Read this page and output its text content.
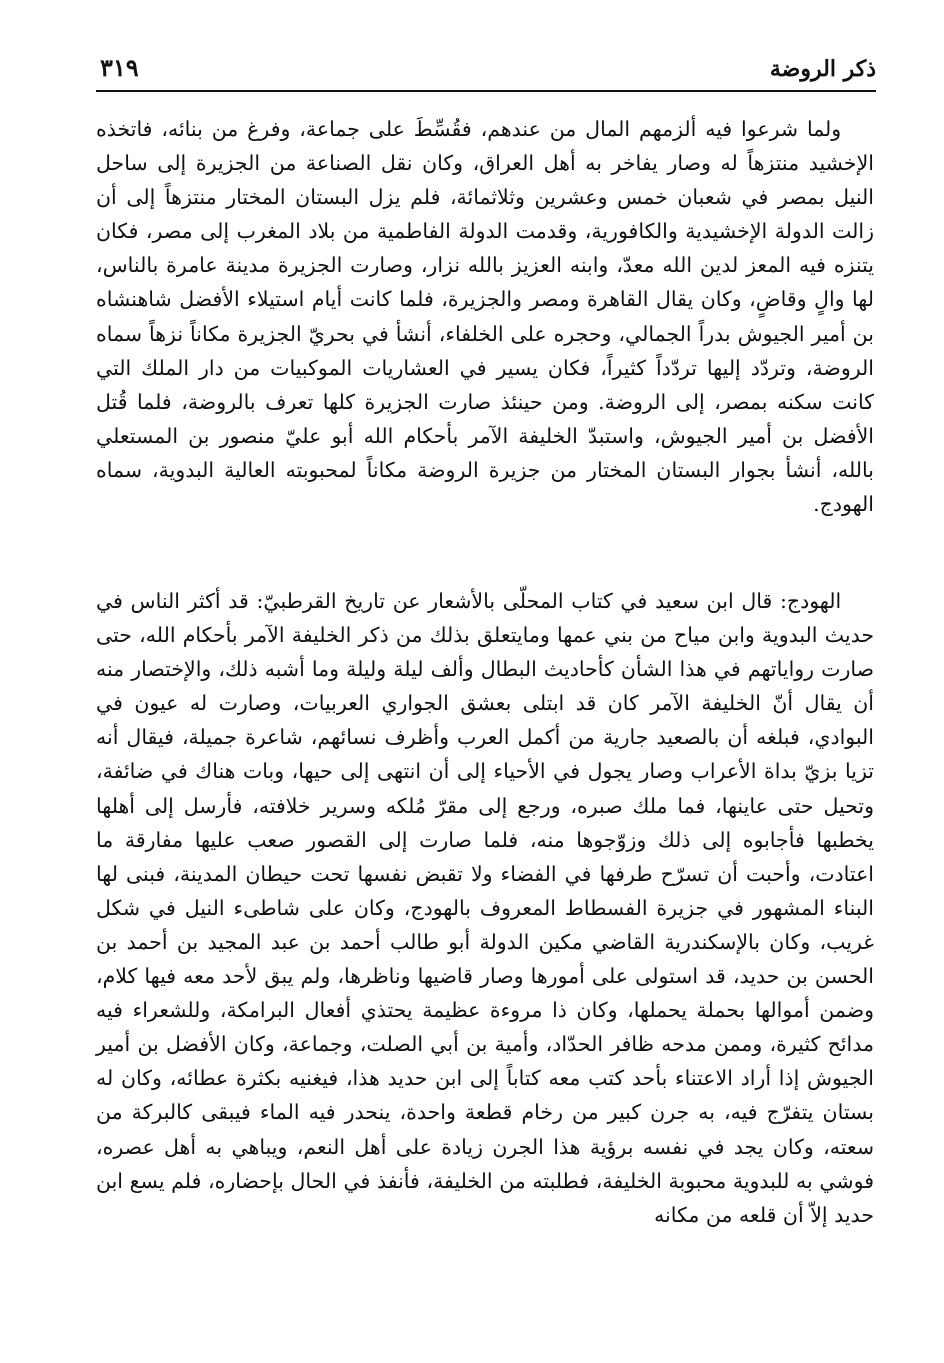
ذكر الروضة
٣١٩

ولما شرعوا فيه ألزمهم المال من عندهم، فقُسِّطَ على جماعة، وفرغ من بنائه، فاتخذه الإخشيد منتزهاً له وصار يفاخر به أهل العراق، وكان نقل الصناعة من الجزيرة إلى ساحل النيل بمصر في شعبان خمس وعشرين وثلاثمائة، فلم يزل البستان المختار منتزهاً إلى أن زالت الدولة الإخشيدية والكافورية، وقدمت الدولة الفاطمية من بلاد المغرب إلى مصر، فكان يتنزه فيه المعز لدين الله معدّ، وابنه العزيز بالله نزار، وصارت الجزيرة مدينة عامرة بالناس، لها والٍ وقاضٍ، وكان يقال القاهرة ومصر والجزيرة، فلما كانت أيام استيلاء الأفضل شاهنشاه بن أمير الجيوش بدراً الجمالي، وحجره على الخلفاء، أنشأ في بحريّ الجزيرة مكاناً نزهاً سماه الروضة، وتردّد إليها تردّداً كثيراً، فكان يسير في العشاريات الموكبيات من دار الملك التي كانت سكنه بمصر، إلى الروضة. ومن حينئذ صارت الجزيرة كلها تعرف بالروضة، فلما قُتل الأفضل بن أمير الجيوش، واستبدّ الخليفة الآمر بأحكام الله أبو عليّ منصور بن المستعلي بالله، أنشأ بجوار البستان المختار من جزيرة الروضة مكاناً لمحبوبته العالية البدوية، سماه الهودج.

الهودج: قال ابن سعيد في كتاب المحلّى بالأشعار عن تاريخ القرطبيّ: قد أكثر الناس في حديث البدوية وابن مياح من بني عمها ومايتعلق بذلك من ذكر الخليفة الآمر بأحكام الله، حتى صارت رواياتهم في هذا الشأن كأحاديث البطال وألف ليلة وليلة وما أشبه ذلك، والإختصار منه أن يقال أنّ الخليفة الآمر كان قد ابتلى بعشق الجواري العربيات، وصارت له عيون في البوادي، فبلغه أن بالصعيد جارية من أكمل العرب وأظرف نسائهم، شاعرة جميلة، فيقال أنه تزيا بزيّ بداة الأعراب وصار يجول في الأحياء إلى أن انتهى إلى حيها، وبات هناك في ضائفة، وتحيل حتى عاينها، فما ملك صبره، ورجع إلى مقرّ مُلكه وسرير خلافته، فأرسل إلى أهلها يخطبها فأجابوه إلى ذلك وزوّجوها منه، فلما صارت إلى القصور صعب عليها مفارقة ما اعتادت، وأحبت أن تسرّح طرفها في الفضاء ولا تقبض نفسها تحت حيطان المدينة، فبنى لها البناء المشهور في جزيرة الفسطاط المعروف بالهودج، وكان على شاطىء النيل في شكل غريب، وكان بالإسكندرية القاضي مكين الدولة أبو طالب أحمد بن عبد المجيد بن أحمد بن الحسن بن حديد، قد استولى على أمورها وصار قاضيها وناظرها، ولم يبق لأحد معه فيها كلام، وضمن أموالها بحملة يحملها، وكان ذا مروءة عظيمة يحتذي أفعال البرامكة، وللشعراء فيه مدائح كثيرة، وممن مدحه ظافر الحدّاد، وأمية بن أبي الصلت، وجماعة، وكان الأفضل بن أمير الجيوش إذا أراد الاعتناء بأحد كتب معه كتاباً إلى ابن حديد هذا، فيغنيه بكثرة عطائه، وكان له بستان يتفرّج فيه، به جرن كبير من رخام قطعة واحدة، ينحدر فيه الماء فيبقى كالبركة من سعته، وكان يجد في نفسه برؤية هذا الجرن زيادة على أهل النعم، ويباهي به أهل عصره، فوشي به للبدوية محبوبة الخليفة، فطلبته من الخليفة، فأنفذ في الحال بإحضاره، فلم يسع ابن حديد إلاّ أن قلعه من مكانه
